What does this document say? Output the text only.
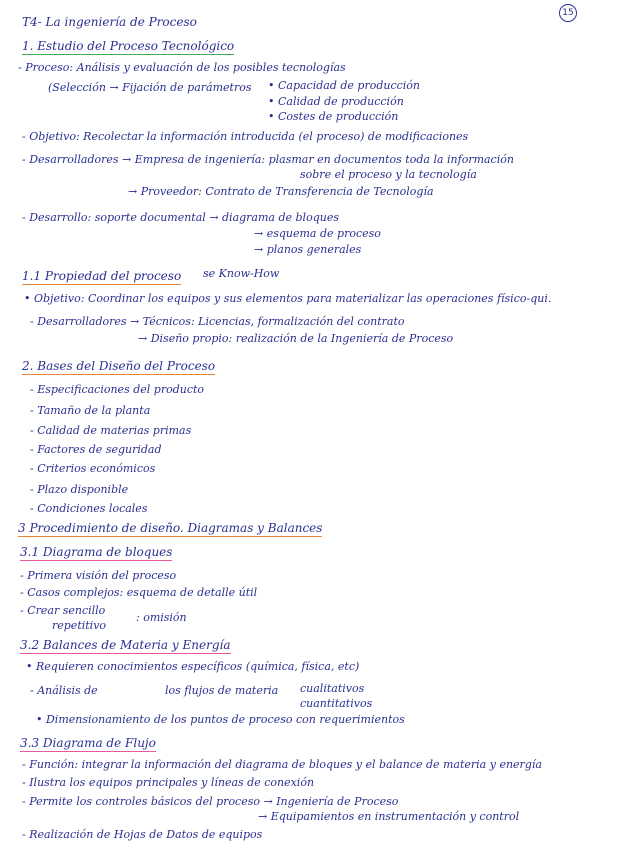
15
T4- La ingeniería de Proceso
1. Estudio del Proceso Tecnológico
- Proceso: Análisis y evaluación de los posibles tecnologías
(Selección → Fijación de parámetros • Capacidad de producción
• Calidad de producción
• Costes de producción
- Objetivo: Recolectar la información introducida (el proceso) de modificaciones
- Desarrolladores → Empresa de ingeniería: plasmar en documentos toda la información
sobre el proceso y la tecnología
→ Proveedor: Contrato de Transferencia de Tecnología
- Desarrollo: soporte documental → diagrama de bloques
→ esquema de proceso
→ planos generales
1.1 Propiedad del proceso se Know-How
• Objetivo: Coordinar los equipos y sus elementos para materializar las operaciones físico-qui.
- Desarrolladores → Técnicos: Licencias, formalización del contrato
→ Diseño propio: realización de la Ingeniería de Proceso
2. Bases del Diseño del Proceso
- Especificaciones del producto
- Tamaño de la planta
- Calidad de materias primas
- Factores de seguridad
- Criterios económicos
- Plazo disponible
- Condiciones locales
3 Procedimiento de diseño. Diagramas y Balances
3.1 Diagrama de bloques
- Primera visión del proceso
- Casos complejos: esquema de detalle útil
- Crear sencillo
repetitivo
: omisión
3.2 Balances de Materia y Energía
• Requieren conocimientos específicos (química, física, etc)
- Análisis de	los flujos de materia cualitativos
cuantitativos
• Dimensionamiento de los puntos de proceso con requerimientos
3.3 Diagrama de Flujo
- Función: integrar la información del diagrama de bloques y el balance de materia y energía
- Ilustra los equipos principales y líneas de conexión
- Permite los controles básicos del proceso → Ingeniería de Proceso
→ Equipamientos en instrumentación y control
- Realización de Hojas de Datos de equipos
